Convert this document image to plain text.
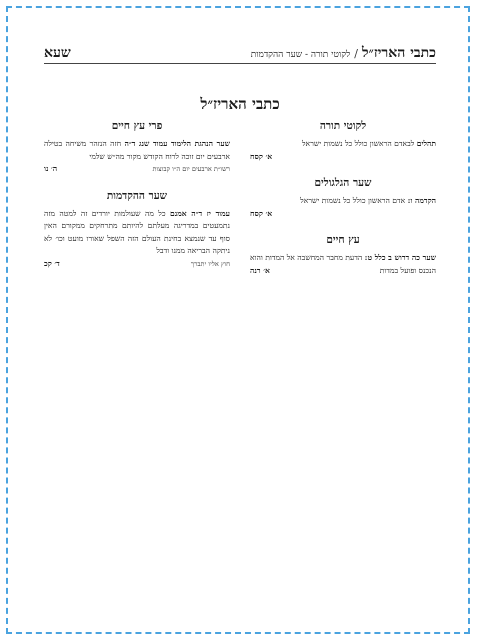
כתבי האריז״ל
/
לקוטי תורה - שער ההקדמות
שעא
כתבי האריז״ל
לקוטי תורה
תהלים לבאדם הראשון כולל כל נשמות ישראל

א׳ קסח
שער הגלגולים
הקדמה ו: אדם הראשון כולל כל נשמות ישראל

א׳ קסח
עץ חיים
שער כה דרוש ב כלל ט: הדעת מחבר המחשבה אל המדות והוא הנכנס ופועל במדות
א׳ רנה
פרי עץ חיים
שער הנהגת הלימוד עמוד שנג ד״ה חזה הנזהר משיחה בטילה ארבעים יום זוכה לרוח הקודש מקור מה״ש שלמי
רשו״ת ארבעים יום ה״ו קבוצות
ה׳ נו
שער ההקדמות
עמוד יז ד״ה אמנם כל מה שעולמות יורדים זה למטה מזה נתמעטים במדריגה מעלתם להיותם מתרחקים ממקורם האין סוף עד שנמצא בחינת העולם הזה השפל שאורו מועט וכו׳ לא ניתקה הבריאה ממנו ודבל
חוץ אליו יתברך
ד׳ קכ
